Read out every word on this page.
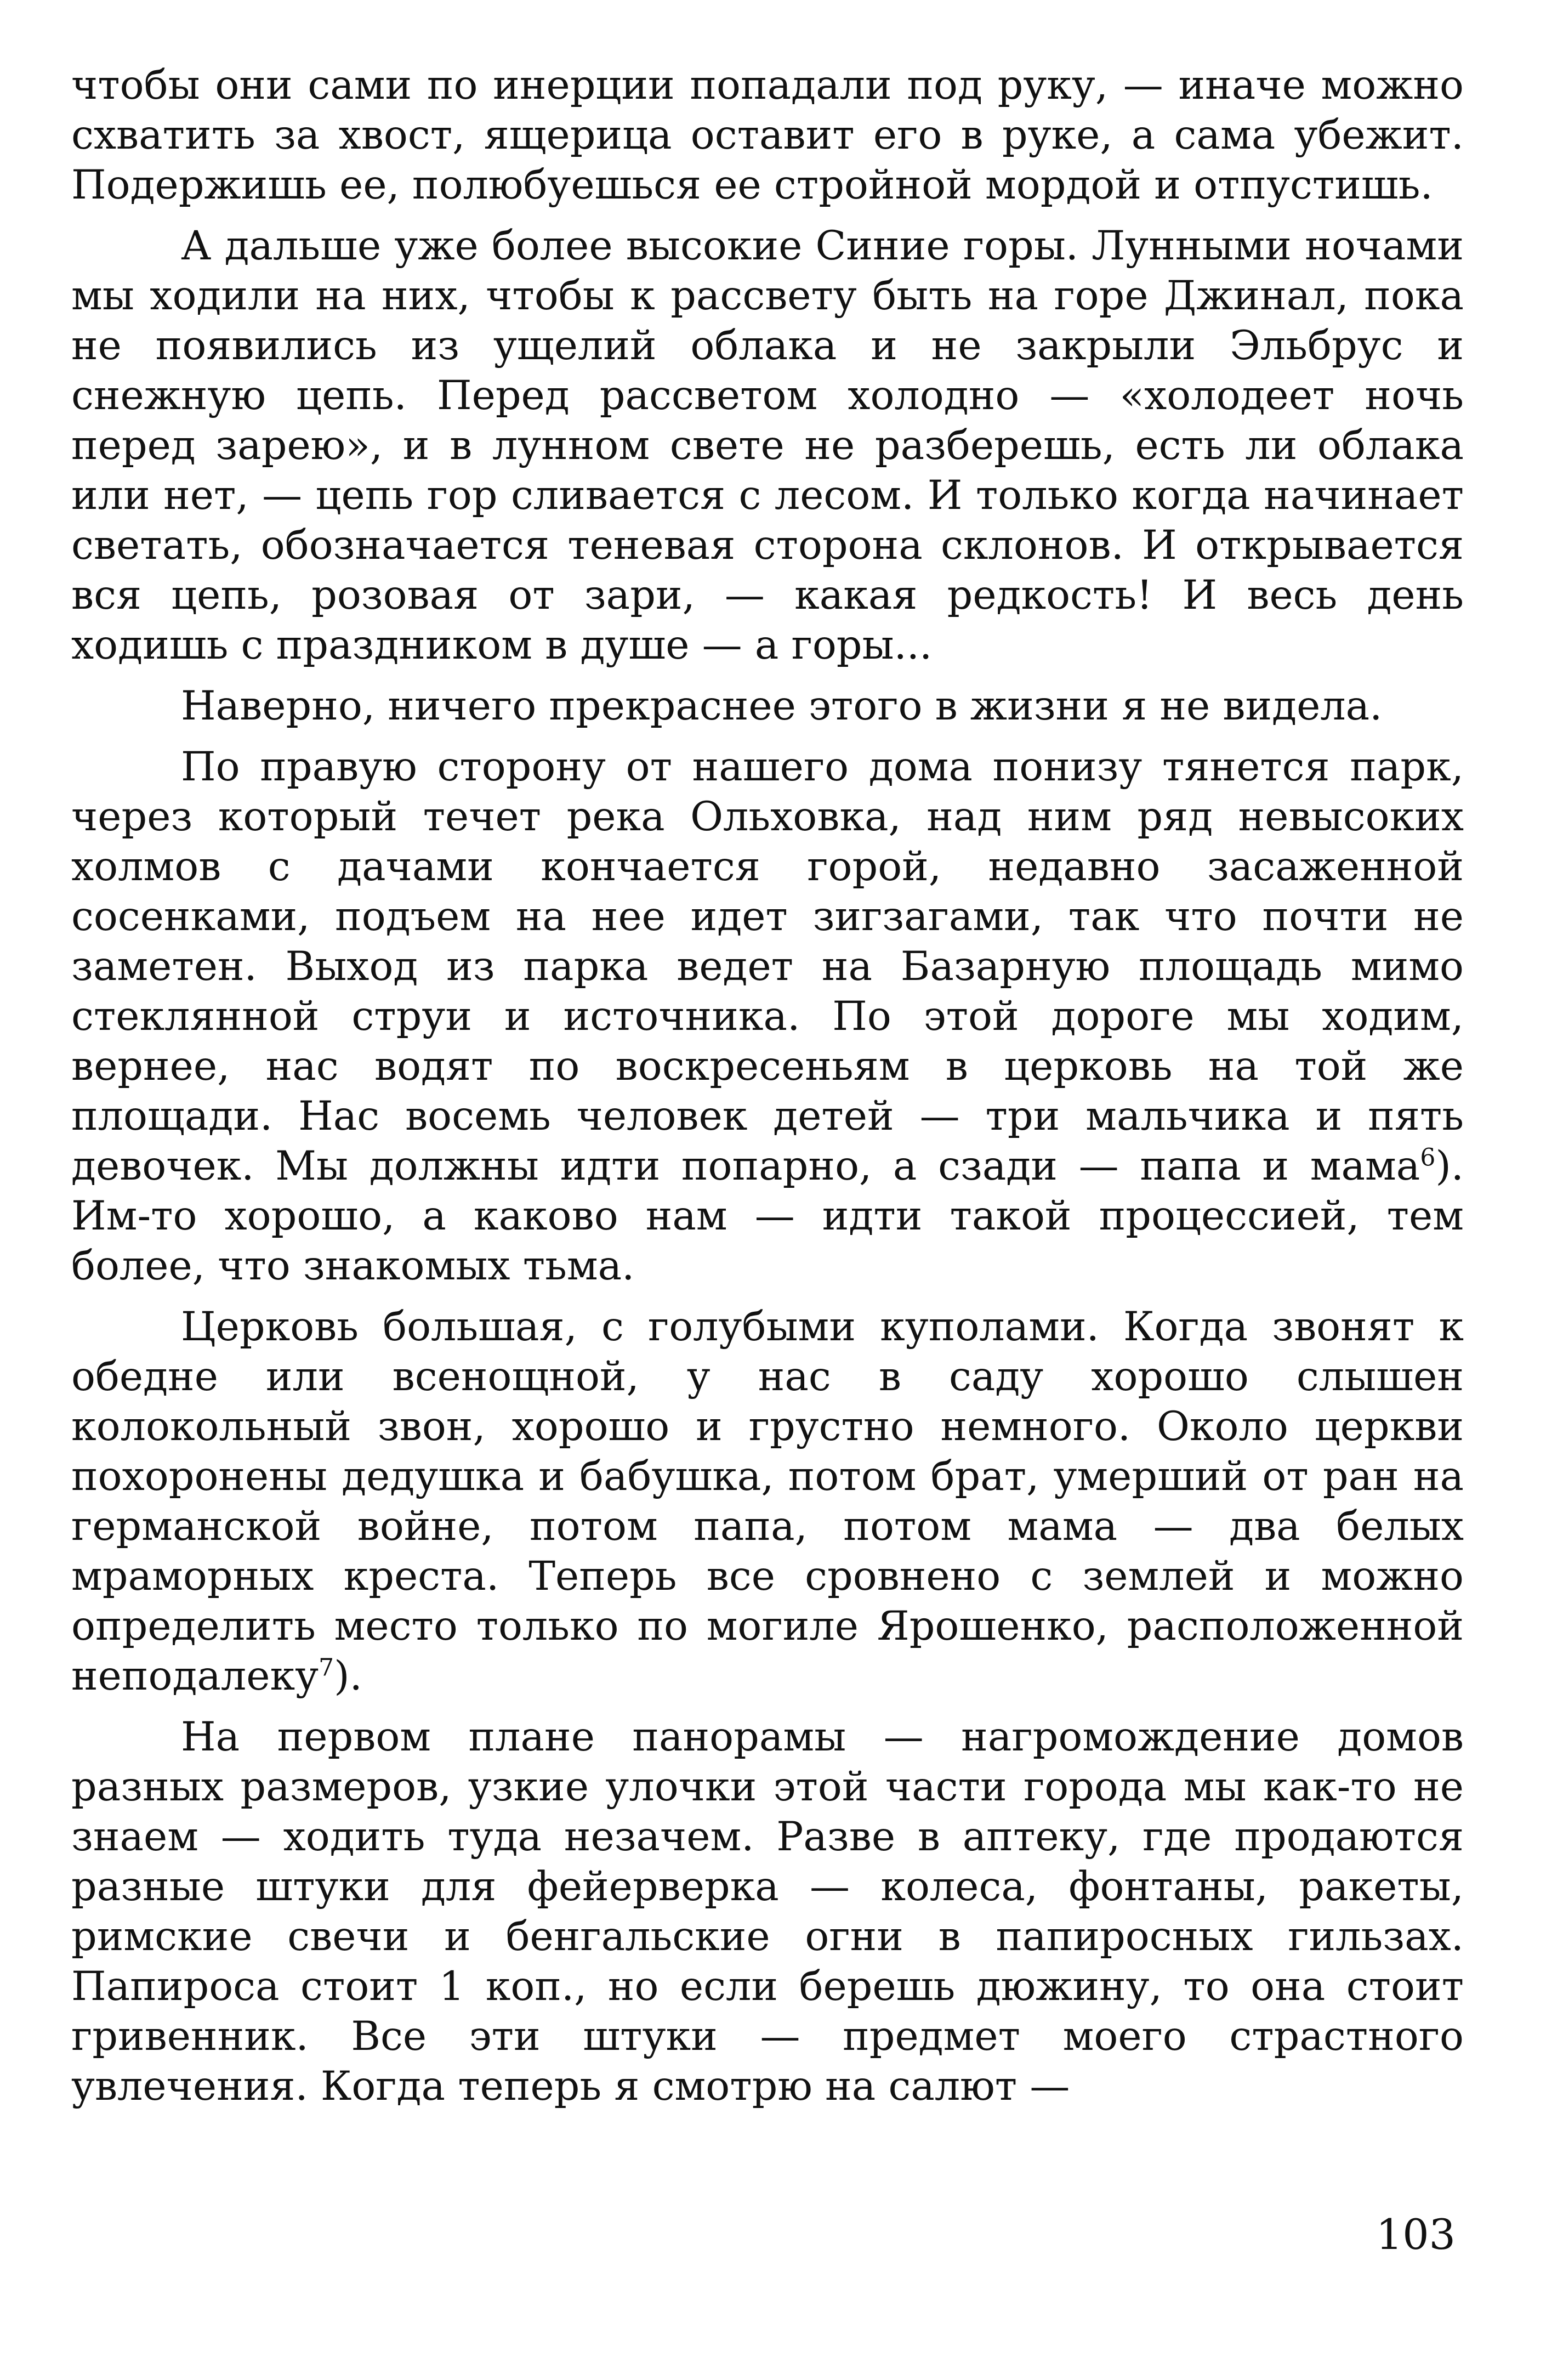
чтобы они сами по инерции попадали под руку, — иначе можно схватить за хвост, ящерица оставит его в руке, а сама убежит. Подержишь ее, полюбуешься ее стройной мордой и отпустишь.

А дальше уже более высокие Синие горы. Лунными ночами мы ходили на них, чтобы к рассвету быть на горе Джинал, пока не появились из ущелий облака и не закрыли Эльбрус и снежную цепь. Перед рассветом холодно — «холодеет ночь перед зарею», и в лунном свете не разберешь, есть ли облака или нет, — цепь гор сливается с лесом. И только когда начинает светать, обозначается теневая сторона склонов. И открывается вся цепь, розовая от зари, — какая редкость! И весь день ходишь с праздником в душе — а горы...

Наверно, ничего прекраснее этого в жизни я не видела.

По правую сторону от нашего дома понизу тянется парк, через который течет река Ольховка, над ним ряд невысоких холмов с дачами кончается горой, недавно засаженной сосенками, подъем на нее идет зигзагами, так что почти не заметен. Выход из парка ведет на Базарную площадь мимо стеклянной струи и источника. По этой дороге мы ходим, вернее, нас водят по воскресеньям в церковь на той же площади. Нас восемь человек детей — три мальчика и пять девочек. Мы должны идти попарно, а сзади — папа и мама$^6$). Им-то хорошо, а каково нам — идти такой процессией, тем более, что знакомых тьма.

Церковь большая, с голубыми куполами. Когда звонят к обедне или всенощной, у нас в саду хорошо слышен колокольный звон, хорошо и грустно немного. Около церкви похоронены дедушка и бабушка, потом брат, умерший от ран на германской войне, потом папа, потом мама — два белых мраморных креста. Теперь все сровнено с землей и можно определить место только по могиле Ярошенко, расположенной неподалеку$^7$).

На первом плане панорамы — нагромождение домов разных размеров, узкие улочки этой части города мы как-то не знаем — ходить туда незачем. Разве в аптеку, где продаются разные штуки для фейерверка — колеса, фонтаны, ракеты, римские свечи и бенгальские огни в папиросных гильзах. Папироса стоит 1 коп., но если берешь дюжину, то она стоит гривенник. Все эти штуки — предмет моего страстного увлечения. Когда теперь я смотрю на салют —

103
